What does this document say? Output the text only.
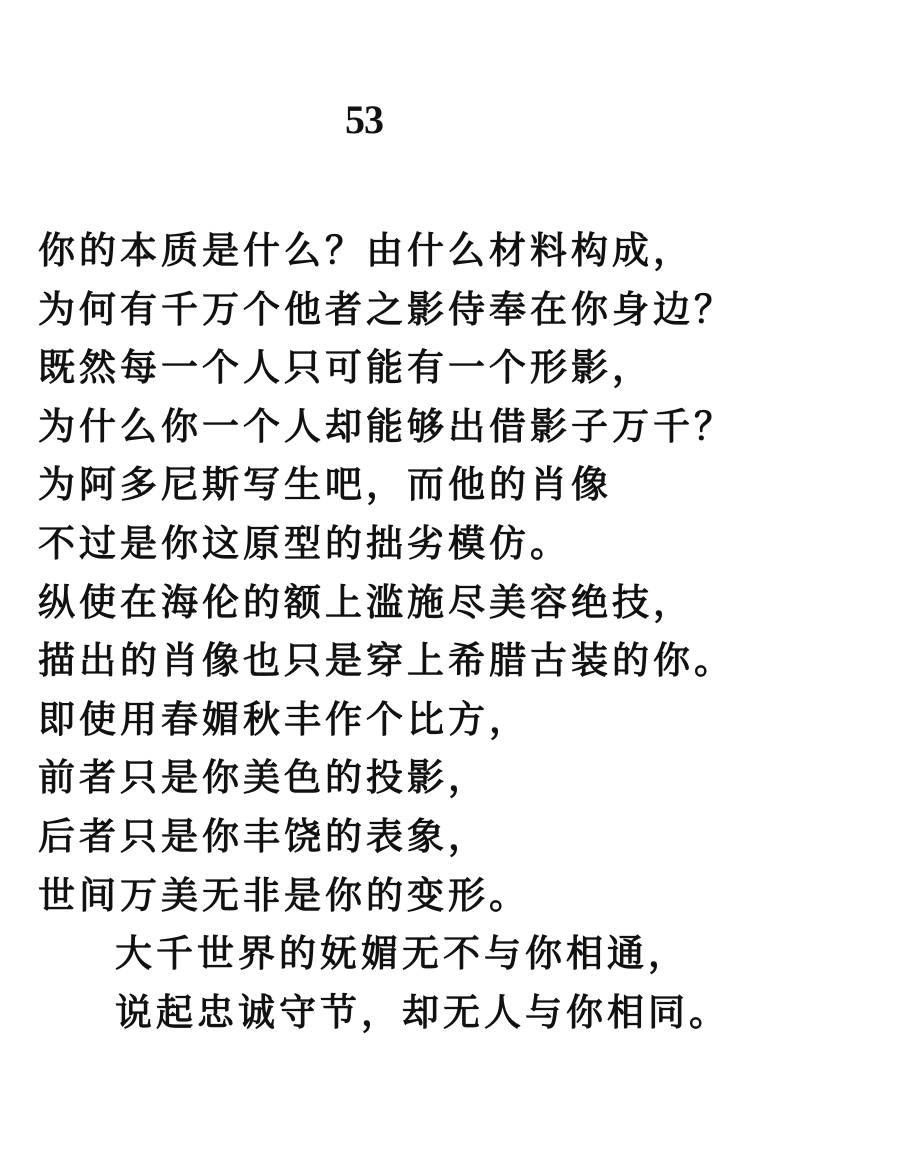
53
你的本质是什么？由什么材料构成，
为何有千万个他者之影侍奉在你身边？
既然每一个人只可能有一个形影，
为什么你一个人却能够出借影子万千？
为阿多尼斯写生吧，而他的肖像
不过是你这原型的拙劣模仿。
纵使在海伦的额上滥施尽美容绝技，
描出的肖像也只是穿上希腊古装的你。
即使用春媚秋丰作个比方，
前者只是你美色的投影，
后者只是你丰饶的表象，
世间万美无非是你的变形。
大千世界的妩媚无不与你相通，
说起忠诚守节，却无人与你相同。
